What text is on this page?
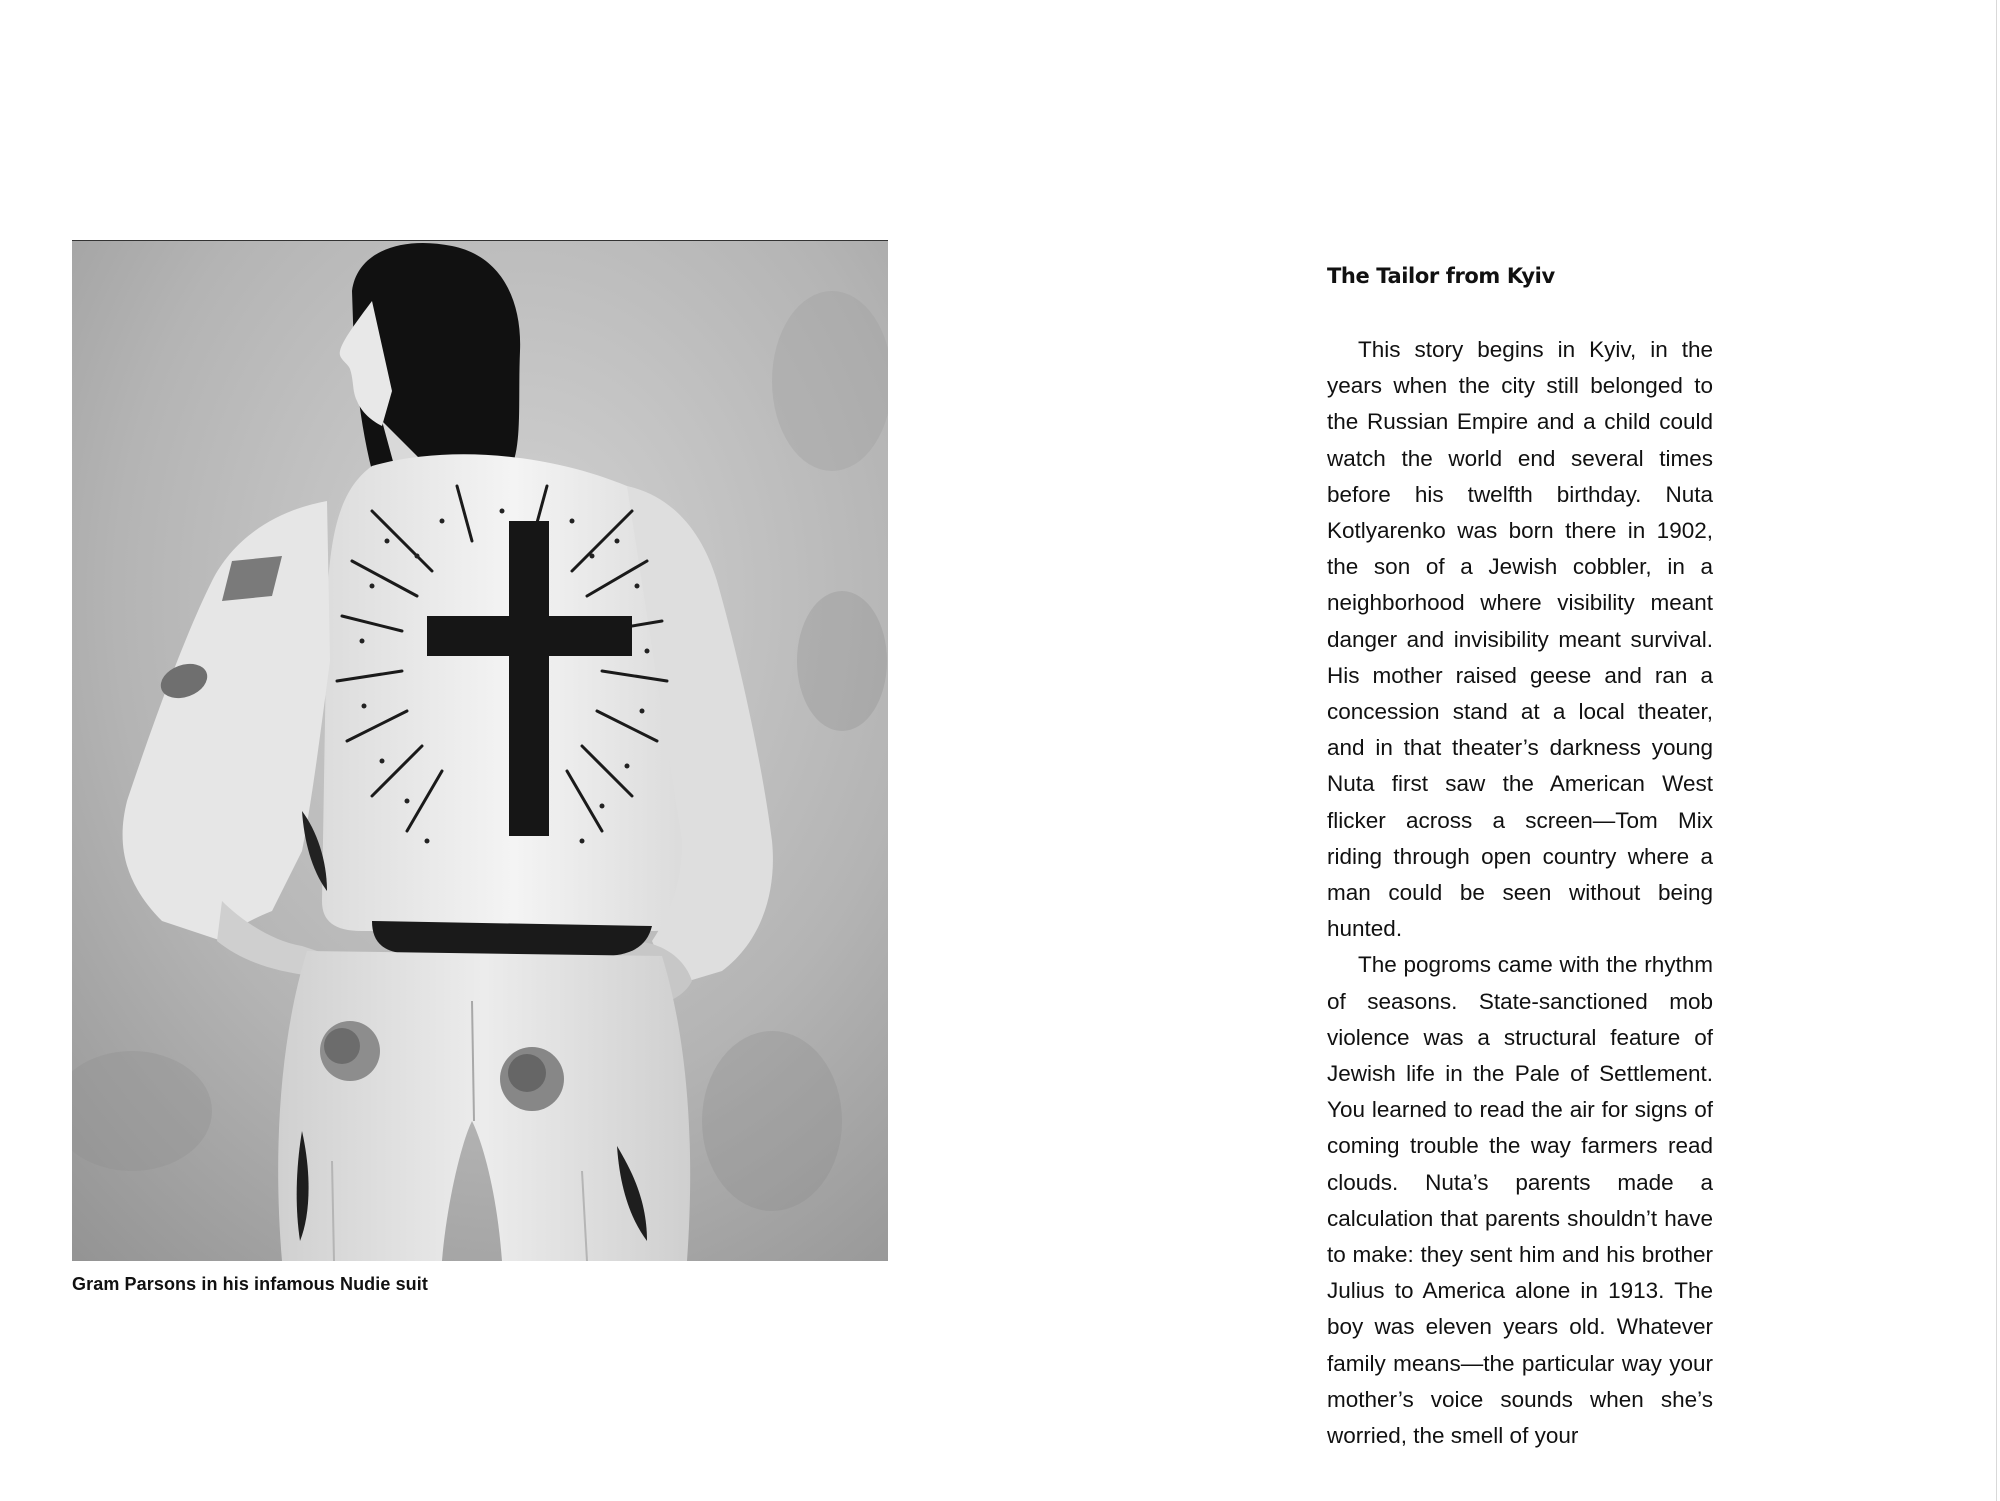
Gram Parsons in his infamous Nudie suit
The Tailor from Kyiv

This story begins in Kyiv, in the years when the city still belonged to the Russian Empire and a child could watch the world end several times before his twelfth birthday. Nuta Kotlyarenko was born there in 1902, the son of a Jewish cobbler, in a neighborhood where visibility meant danger and invisibility meant survival. His mother raised geese and ran a concession stand at a local theater, and in that theater’s darkness young Nuta first saw the American West flicker across a screen—Tom Mix riding through open country where a man could be seen without being hunted.

The pogroms came with the rhythm of seasons. State-sanctioned mob violence was a structural feature of Jewish life in the Pale of Settlement. You learned to read the air for signs of coming trouble the way farmers read clouds. Nuta’s parents made a calculation that parents shouldn’t have to make: they sent him and his brother Julius to America alone in 1913. The boy was eleven years old. Whatever family means—the particular way your mother’s voice sounds when she’s worried, the smell of your
